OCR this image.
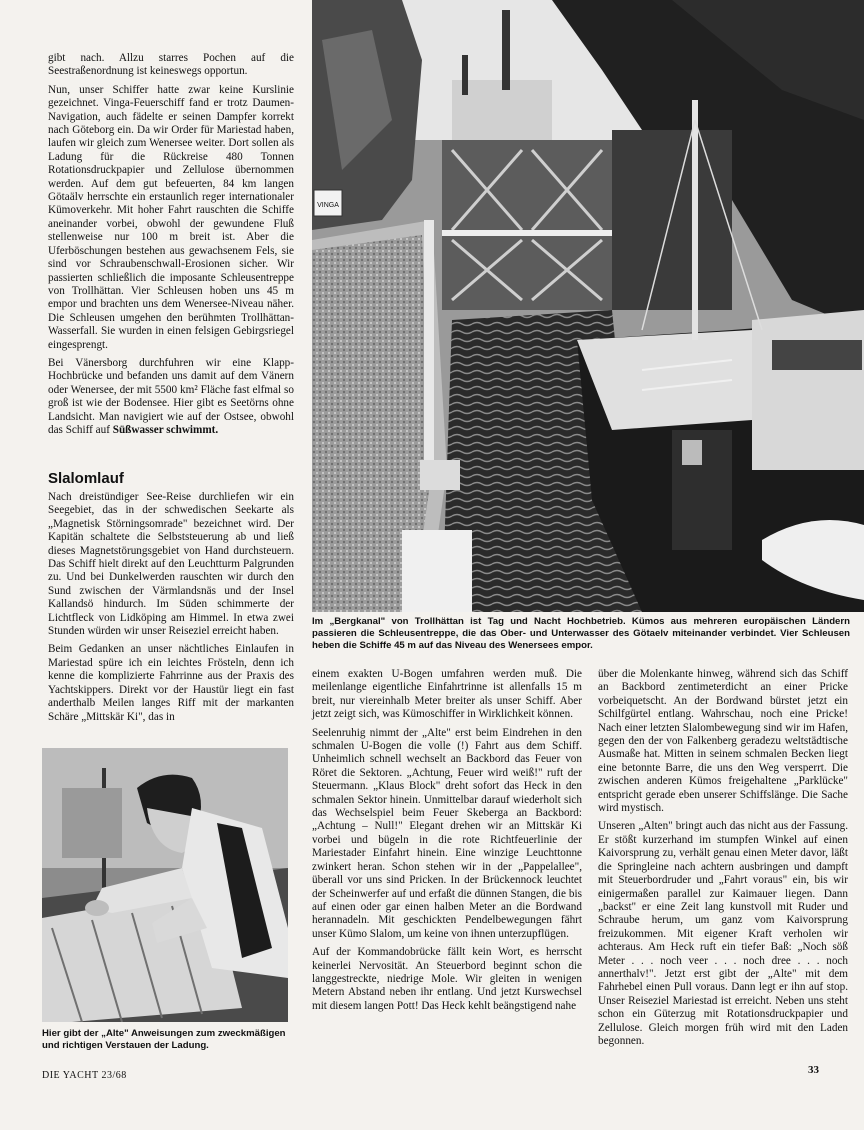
gibt nach. Allzu starres Pochen auf die Seestraßenordnung ist keineswegs opportun.

Nun, unser Schiffer hatte zwar keine Kurslinie gezeichnet. Vinga-Feuerschiff fand er trotz Daumen-Navigation, auch fädelte er seinen Dampfer korrekt nach Göteborg ein. Da wir Order für Mariestad haben, laufen wir gleich zum Wenersee weiter. Dort sollen als Ladung für die Rückreise 480 Tonnen Rotationsdruckpapier und Zellulose übernommen werden. Auf dem gut befeuerten, 84 km langen Götaälv herrschte ein erstaunlich reger internationaler Kümoverkehr. Mit hoher Fahrt rauschten die Schiffe aneinander vorbei, obwohl der gewundene Fluß stellenweise nur 100 m breit ist. Aber die Uferböschungen bestehen aus gewachsenem Fels, sie sind vor Schraubenschwall-Erosionen sicher. Wir passierten schließlich die imposante Schleusentreppe von Trollhättan. Vier Schleusen hoben uns 45 m empor und brachten uns dem Wenersee-Niveau näher. Die Schleusen umgehen den berühmten Trollhättan-Wasserfall. Sie wurden in einen felsigen Gebirgsriegel eingesprengt.

Bei Vänersborg durchfuhren wir eine Klapp-Hochbrücke und befanden uns damit auf dem Vänern oder Wenersee, der mit 5500 km² Fläche fast elfmal so groß ist wie der Bodensee. Hier gibt es Seetörns ohne Landsicht. Man navigiert wie auf der Ostsee, obwohl das Schiff auf Süßwasser schwimmt.

Slalomlauf

Nach dreistündiger See-Reise durchliefen wir ein Seegebiet, das in der schwedischen Seekarte als „Magnetisk Störningsomrade" bezeichnet wird. Der Kapitän schaltete die Selbststeuerung ab und ließ dieses Magnetstörungsgebiet von Hand durchsteuern. Das Schiff hielt direkt auf den Leuchtturm Palgrunden zu. Und bei Dunkelwerden rauschten wir durch den Sund zwischen der Värmlandsnäs und der Insel Kallandsö hindurch. Im Süden schimmerte der Lichtfleck von Lidköping am Himmel. In etwa zwei Stunden würden wir unser Reiseziel erreicht haben.

Beim Gedanken an unser nächtliches Einlaufen in Mariestad spüre ich ein leichtes Frösteln, denn ich kenne die komplizierte Fahrrinne aus der Praxis des Yachtskippers. Direkt vor der Haustür liegt ein fast anderthalb Meilen langes Riff mit der markanten Schäre „Mittskär Ki", das in

VINGA
Im „Bergkanal" von Trollhättan ist Tag und Nacht Hochbetrieb. Kümos aus mehreren europäischen Ländern passieren die Schleusentreppe, die das Ober- und Unterwasser des Götaelv miteinander verbindet. Vier Schleusen heben die Schiffe 45 m auf das Niveau des Wenersees empor.

einem exakten U-Bogen umfahren werden muß. Die meilenlange eigentliche Einfahrtrinne ist allenfalls 15 m breit, nur viereinhalb Meter breiter als unser Schiff. Aber jetzt zeigt sich, was Kümoschiffer in Wirklichkeit können.

Seelenruhig nimmt der „Alte" erst beim Eindrehen in den schmalen U-Bogen die volle (!) Fahrt aus dem Schiff. Unheimlich schnell wechselt an Backbord das Feuer von Röret die Sektoren. „Achtung, Feuer wird weiß!" ruft der Steuermann. „Klaus Block" dreht sofort das Heck in den schmalen Sektor hinein. Unmittelbar darauf wiederholt sich das Wechselspiel beim Feuer Skeberga an Backbord: „Achtung – Null!" Elegant drehen wir an Mittskär Ki vorbei und bügeln in die rote Richtfeuerlinie der Mariestader Einfahrt hinein. Eine winzige Leuchttonne zwinkert heran. Schon stehen wir in der „Pappelallee", überall vor uns sind Pricken. In der Brückennock leuchtet der Scheinwerfer auf und erfaßt die dünnen Stangen, die bis auf einen oder gar einen halben Meter an die Bordwand herannadeln. Mit geschickten Pendelbewegungen fährt unser Kümo Slalom, um keine von ihnen unterzupflügen.

Auf der Kommandobrücke fällt kein Wort, es herrscht keinerlei Nervosität. An Steuerbord beginnt schon die langgestreckte, niedrige Mole. Wir gleiten in wenigen Metern Abstand neben ihr entlang. Und jetzt Kurswechsel mit diesem langen Pott! Das Heck kehlt beängstigend nahe

über die Molenkante hinweg, während sich das Schiff an Backbord zentimeterdicht an einer Pricke vorbeiquetscht. An der Bordwand bürstet jetzt ein Schilfgürtel entlang. Wahrschau, noch eine Pricke! Nach einer letzten Slalombewegung sind wir im Hafen, gegen den der von Falkenberg geradezu weltstädtische Ausmaße hat. Mitten in seinem schmalen Becken liegt eine betonnte Barre, die uns den Weg versperrt. Die zwischen anderen Kümos freigehaltene „Parklücke" entspricht gerade eben unserer Schiffslänge. Die Sache wird mystisch.

Unseren „Alten" bringt auch das nicht aus der Fassung. Er stößt kurzerhand im stumpfen Winkel auf einen Kaivorsprung zu, verhält genau einen Meter davor, läßt die Springleine nach achtern ausbringen und dampft mit Steuerbordruder und „Fahrt voraus" ein, bis wir einigermaßen parallel zur Kaimauer liegen. Dann „backst" er eine Zeit lang kunstvoll mit Ruder und Schraube herum, um ganz vom Kaivorsprung freizukommen. Mit eigener Kraft verholen wir achteraus. Am Heck ruft ein tiefer Baß: „Noch söß Meter . . . noch veer . . . noch dree . . . noch annerthalv!". Jetzt erst gibt der „Alte" mit dem Fahrhebel einen Pull voraus. Dann legt er ihn auf stop. Unser Reiseziel Mariestad ist erreicht. Neben uns steht schon ein Güterzug mit Rotationsdruckpapier und Zellulose. Gleich morgen früh wird mit den Laden begonnen.

Hier gibt der „Alte" Anweisungen zum zweckmäßigen und richtigen Verstauen der Ladung.
DIE YACHT 23/68	33
